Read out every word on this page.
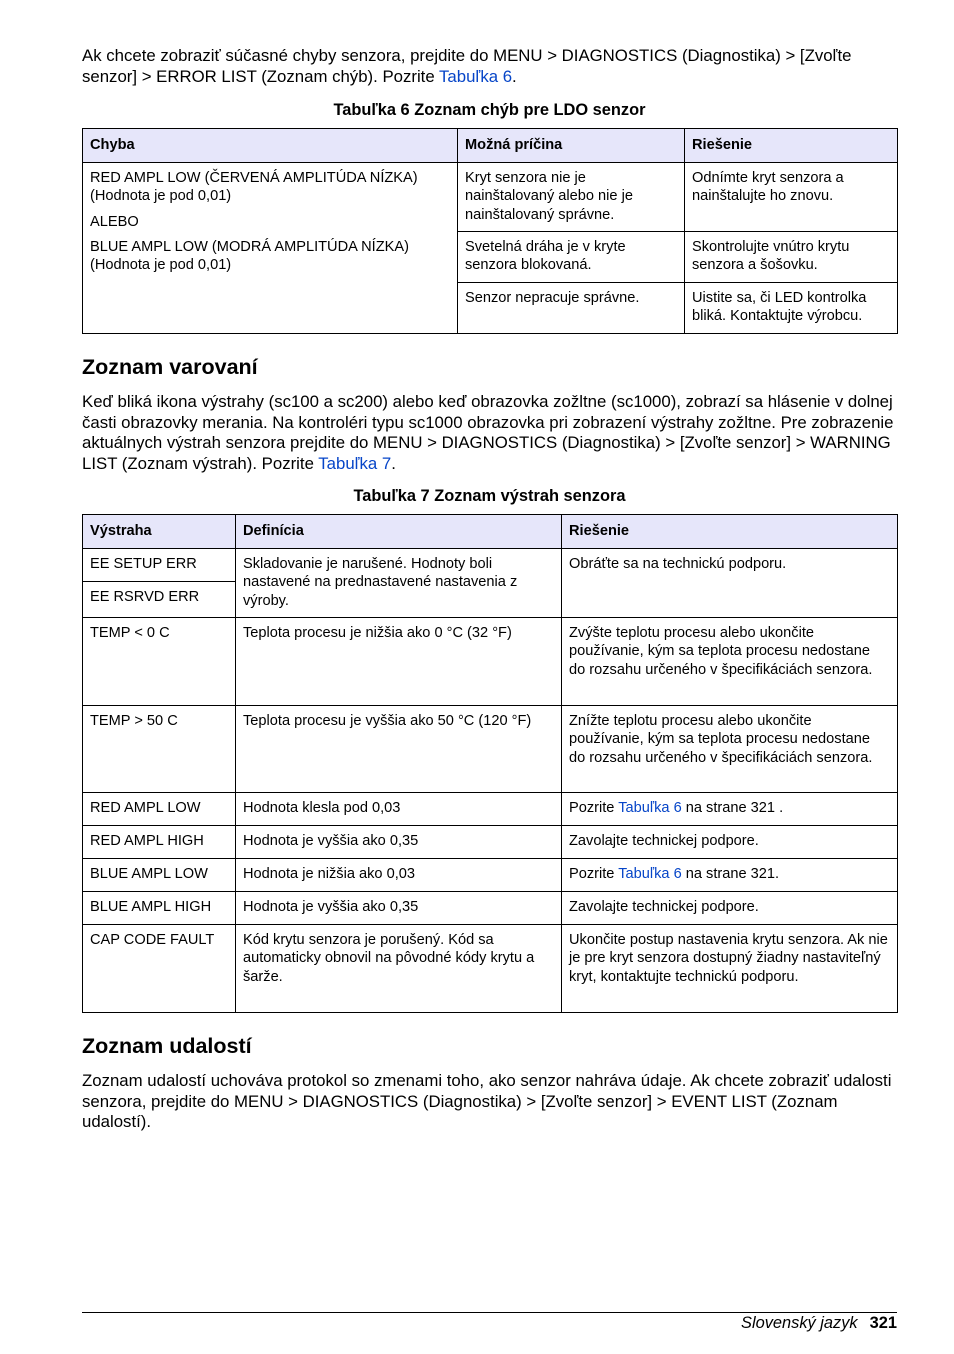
Ak chcete zobraziť súčasné chyby senzora, prejdite do MENU > DIAGNOSTICS (Diagnostika) > [Zvoľte senzor] > ERROR LIST (Zoznam chýb). Pozrite Tabuľka 6.

Tabuľka 6 Zoznam chýb pre LDO senzor
Chyba	Možná príčina	Riešenie

RED AMPL LOW (ČERVENÁ AMPLITÚDA NÍZKA) (Hodnota je pod 0,01)
ALEBO
BLUE AMPL LOW (MODRÁ AMPLITÚDA NÍZKA) (Hodnota je pod 0,01)	Kryt senzora nie je nainštalovaný alebo nie je nainštalovaný správne.	Odnímte kryt senzora a nainštalujte ho znovu.
	Svetelná dráha je v kryte senzora blokovaná.	Skontrolujte vnútro krytu senzora a šošovku.
	Senzor nepracuje správne.	Uistite sa, či LED kontrolka bliká. Kontaktujte výrobcu.
Zoznam varovaní

Keď bliká ikona výstrahy (sc100 a sc200) alebo keď obrazovka zožltne (sc1000), zobrazí sa hlásenie v dolnej časti obrazovky merania. Na kontroléri typu sc1000 obrazovka pri zobrazení výstrahy zožltne. Pre zobrazenie aktuálnych výstrah senzora prejdite do MENU > DIAGNOSTICS (Diagnostika) > [Zvoľte senzor] > WARNING LIST (Zoznam výstrah). Pozrite Tabuľka 7.

Tabuľka 7 Zoznam výstrah senzora
Výstraha	Definícia	Riešenie
EE SETUP ERR	Skladovanie je narušené. Hodnoty boli nastavené na prednastavené nastavenia z výroby.	Obráťte sa na technickú podporu.
EE RSRVD ERR		
TEMP < 0 C	Teplota procesu je nižšia ako 0 °C (32 °F)	Zvýšte teplotu procesu alebo ukončite používanie, kým sa teplota procesu nedostane do rozsahu určeného v špecifikáciách senzora.
TEMP > 50 C	Teplota procesu je vyššia ako 50 °C (120 °F)	Znížte teplotu procesu alebo ukončite používanie, kým sa teplota procesu nedostane do rozsahu určeného v špecifikáciách senzora.
RED AMPL LOW	Hodnota klesla pod 0,03	Pozrite Tabuľka 6 na strane 321 .
RED AMPL HIGH	Hodnota je vyššia ako 0,35	Zavolajte technickej podpore.
BLUE AMPL LOW	Hodnota je nižšia ako 0,03	Pozrite Tabuľka 6 na strane 321.
BLUE AMPL HIGH	Hodnota je vyššia ako 0,35	Zavolajte technickej podpore.
CAP CODE FAULT	Kód krytu senzora je porušený. Kód sa automaticky obnovil na pôvodné kódy krytu a šarže.	Ukončite postup nastavenia krytu senzora. Ak nie je pre kryt senzora dostupný žiadny nastaviteľný kryt, kontaktujte technickú podporu.
Zoznam udalostí

Zoznam udalostí uchováva protokol so zmenami toho, ako senzor nahráva údaje. Ak chcete zobraziť udalosti senzora, prejdite do MENU > DIAGNOSTICS (Diagnostika) > [Zvoľte senzor] > EVENT LIST (Zoznam udalostí).

Slovenský jazyk 321
